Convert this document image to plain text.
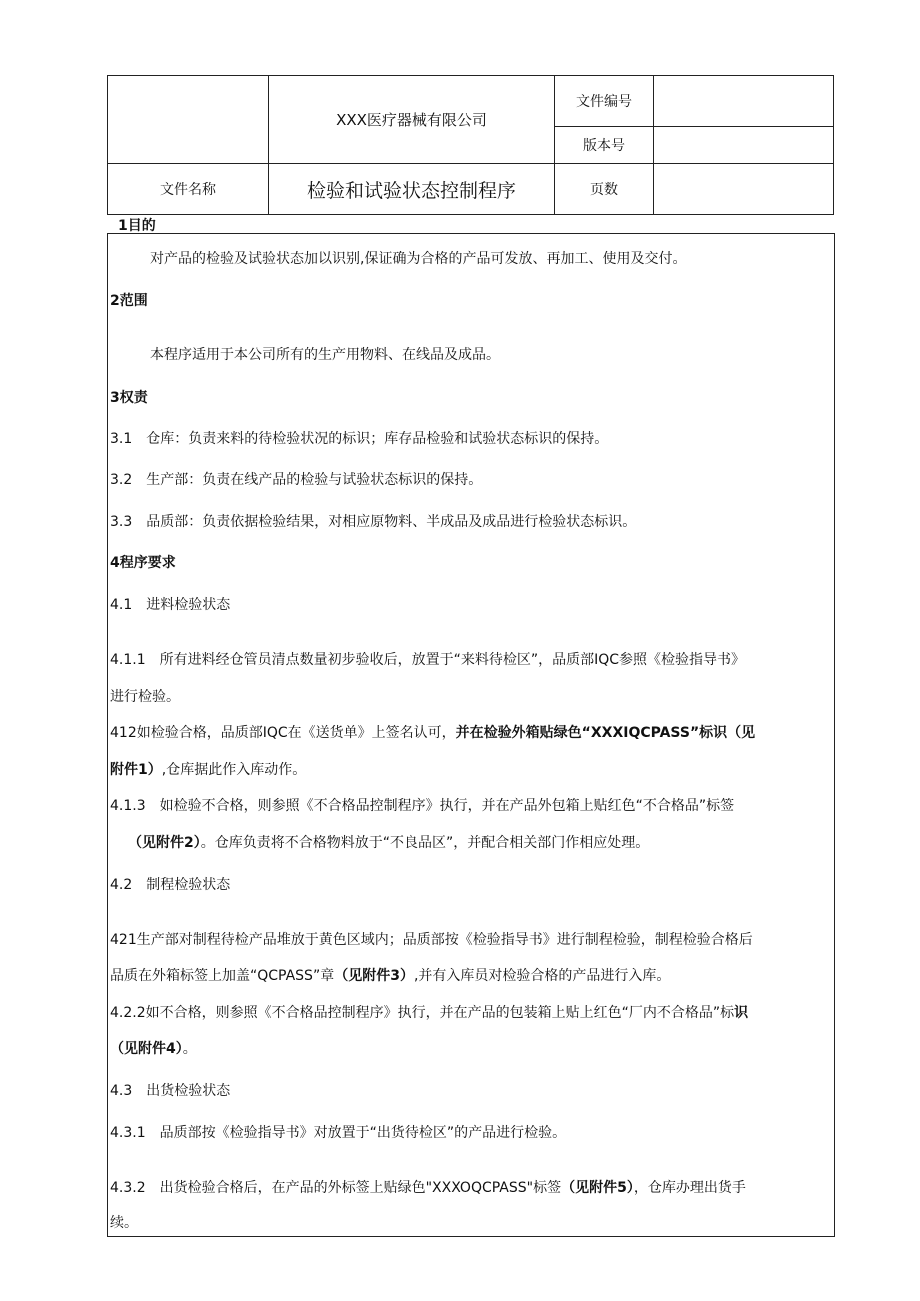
	XXX医疗器械有限公司	文件编号	
		版本号	
文件名称	检验和试验状态控制程序	页数	
1目的
对产品的检验及试验状态加以识别,保证确为合格的产品可发放、再加工、使用及交付。
2范围
本程序适用于本公司所有的生产用物料、在线品及成品。
3权责
3.1　仓库：负责来料的待检验状况的标识；库存品检验和试验状态标识的保持。
3.2　生产部：负责在线产品的检验与试验状态标识的保持。
3.3　品质部：负责依据检验结果，对相应原物料、半成品及成品进行检验状态标识。
4程序要求
4.1　进料检验状态
4.1.1　所有进料经仓管员清点数量初步验收后，放置于“来料待检区”，品质部IQC参照《检验指导书》
进行检验。
412如检验合格，品质部IQC在《送货单》上签名认可，并在检验外箱贴绿色“XXXIQCPASS”标识（见
附件1）,仓库据此作入库动作。
4.1.3　如检验不合格，则参照《不合格品控制程序》执行，并在产品外包箱上贴红色“不合格品”标签
（见附件2）。仓库负责将不合格物料放于“不良品区”，并配合相关部门作相应处理。
4.2　制程检验状态
421生产部对制程待检产品堆放于黄色区域内；品质部按《检验指导书》进行制程检验，制程检验合格后
品质在外箱标签上加盖“QCPASS”章（见附件3）,并有入库员对检验合格的产品进行入库。
4.2.2如不合格，则参照《不合格品控制程序》执行，并在产品的包装箱上贴上红色“厂内不合格品”标识
（见附件4）。
4.3　出货检验状态
4.3.1　品质部按《检验指导书》对放置于“出货待检区”的产品进行检验。
4.3.2　出货检验合格后，在产品的外标签上贴绿色"XXXOQCPASS"标签（见附件5），仓库办理出货手
续。
